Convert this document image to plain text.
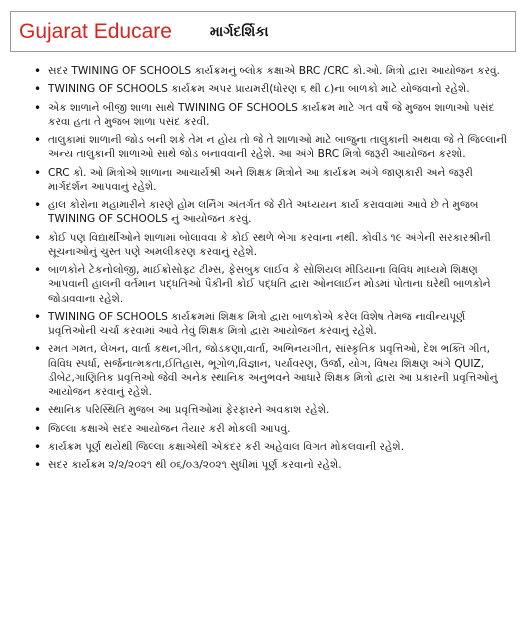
Gujarat Educare	માર્ગદર્શિકા
• સદર TWINING OF SCHOOLS કાર્યક્રમનું બ્લોક કક્ષાએ BRC /CRC કો.ઓ. મિત્રો દ્વારા આયોજન કરવું.
• TWINING OF SCHOOLS કાર્યક્રમ અપર પ્રાયમરી(ધોરણ ૬ થી ૮)ના બાળકો માટે યોજવાનો રહેશે.
• એક શાળાને બીજી શાળા સાથે TWINING OF SCHOOLS કાર્યક્રમ માટે ગત વર્ષે જે મુજબ શાળાઓ પસંદ કરવા હતા તે મુજબ શાળા પસંદ કરવી.
• તાલુકામાં શાળાની જોડ બની શકે તેમ ન હોય તો જે તે શાળાઓ માટે બાજુના તાલુકાની અથવા જે તે જિલ્લાની અન્ય તાલુકાની શાળાઓ સાથે જોડ બનાવવાની રહેશે. આ અંગે BRC મિત્રો જરૂરી આયોજન કરશો.
• CRC કો. ઓ મિત્રોએ શાળાના આચાર્યશ્રી અને શિક્ષક મિત્રોને આ કાર્યક્રમ અંગે જાણકારી અને જરૂરી માર્ગદર્શન આપવાનું રહેશે.
• હાલ કોરોના મહામારીને કારણે હોમ લર્નિંગ અંતર્ગત જે રીતે અધ્યયન કાર્ય કરાવવામાં આવે છે તે મુજબ TWINING OF SCHOOLS નું આયોજન કરવું.
• કોઈ પણ વિદ્યાર્થીઓને શાળામાં બોલાવવા કે કોઈ સ્થળે ભેગા કરવાના નથી. કોવીડ ૧૯ અંગેની સરકારશ્રીની સૂચનાઓનું ચુસ્ત પણે અમલીકરણ કરવાનું રહેશે.
• બાળકોને ટેકનોલોજી, માઈક્રોસોફ્ટ ટીમ્સ, ફેસબુક લાઈવ કે સોશિયલ મીડિયાના વિવિધ માધ્યમે શિક્ષણ આપવાની હાલની વર્તમાન પદ્ધતિઓ પૈકીની કોઈ પદ્ધતિ દ્વારા ઓનલાઈન મોડમાં પોતાના ઘરેથી બાળકોને જોડાવવાના રહેશે.
• TWINING OF SCHOOLS કાર્યક્રમમાં શિક્ષક મિત્રો દ્વારા બાળકોએ કરેલ વિશેષ તેમજ નાવીન્યપૂર્ણ પ્રવૃત્તિઓની ચર્ચા કરવામાં આવે તેવું શિક્ષક મિત્રો દ્વારા આયોજન કરવાનું રહેશે.
• રમત ગમત, લેખન, વાર્તા કથન,ગીત, જોડકણા,વાર્તા, અભિનયગીત, સાંસ્કૃતિક પ્રવૃત્તિઓ, દેશ ભક્તિ ગીત, વિવિધ સ્પર્ધા, સર્જનાત્મકતા,ઈતિહાસ, ભૂગોળ,વિજ્ઞાન, પર્યાવરણ, ઉર્જા, યોગ, વિષય શિક્ષણ અંગે QUIZ, ડીબેટ,ગાણિતિક પ્રવૃત્તિઓ જેવી અનેક સ્થાનિક અનુભવને આધારે શિક્ષક મિત્રો દ્વારા આ પ્રકારની પ્રવૃત્તિઓનું આયોજન કરવાનું રહેશે.
• સ્થાનિક પરિસ્થિતિ મુજબ આ પ્રવૃત્તિઓમાં ફેરફારને અવકાશ રહેશે.
• જિલ્લા કક્ષાએ સદર આયોજન તૈયાર કરી મોકલી આપવું.
• કાર્યક્રમ પૂર્ણ થયેથી જિલ્લા કક્ષાએથી એકંદર કરી અહેવાલ વિગત મોકલવાની રહેશે.
• સદર કાર્યક્રમ ૨/૨/૨૦૨૧ થી ૦૬/૦૩/૨૦૨૧ સુધીમાં પૂર્ણ કરવાનો રહેશે.
